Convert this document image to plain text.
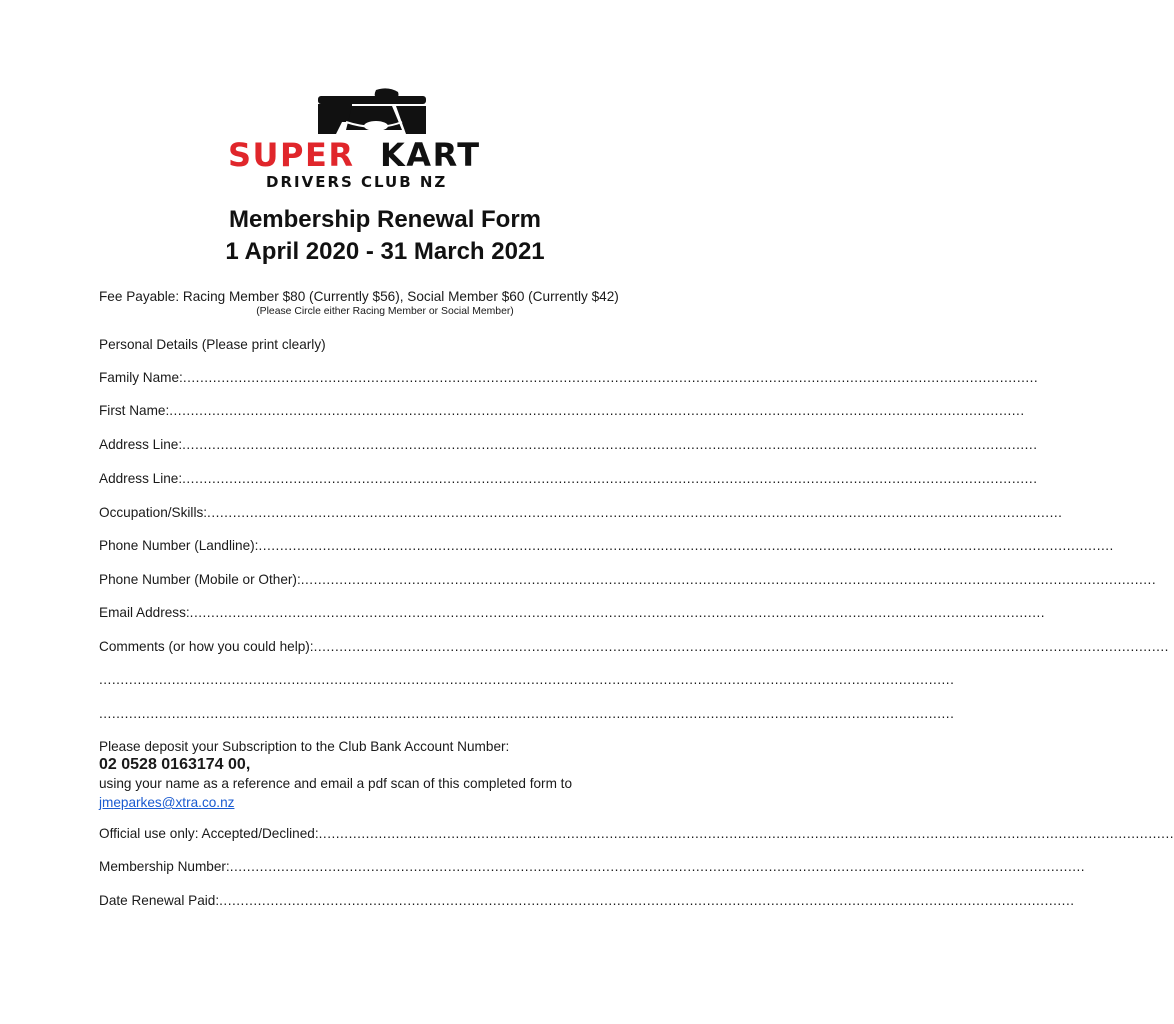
SUPER KART
DRIVERS CLUB NZ
Membership Renewal Form
1 April 2020 - 31 March 2021
Fee Payable: Racing Member $80 (Currently $56), Social Member $60 (Currently $42)
(Please Circle either Racing Member or Social Member)
Personal Details (Please print clearly)
Family Name: ........................................................................................................................................................................................................
First Name: ........................................................................................................................................................................................................
Address Line: ........................................................................................................................................................................................................
Address Line: ........................................................................................................................................................................................................
Occupation/Skills: ........................................................................................................................................................................................................
Phone Number (Landline): ........................................................................................................................................................................................................
Phone Number (Mobile or Other): ........................................................................................................................................................................................................
Email Address: ........................................................................................................................................................................................................
Comments (or how you could help): ........................................................................................................................................................................................................
........................................................................................................................................................................................................
........................................................................................................................................................................................................
Please deposit your Subscription to the Club Bank Account Number:
02 0528 0163174 00,
using your name as a reference and email a pdf scan of this completed form to
jmeparkes@xtra.co.nz
Official use only: Accepted/Declined: ........................................................................................................................................................................................................
Membership Number: ........................................................................................................................................................................................................
Date Renewal Paid: ........................................................................................................................................................................................................
